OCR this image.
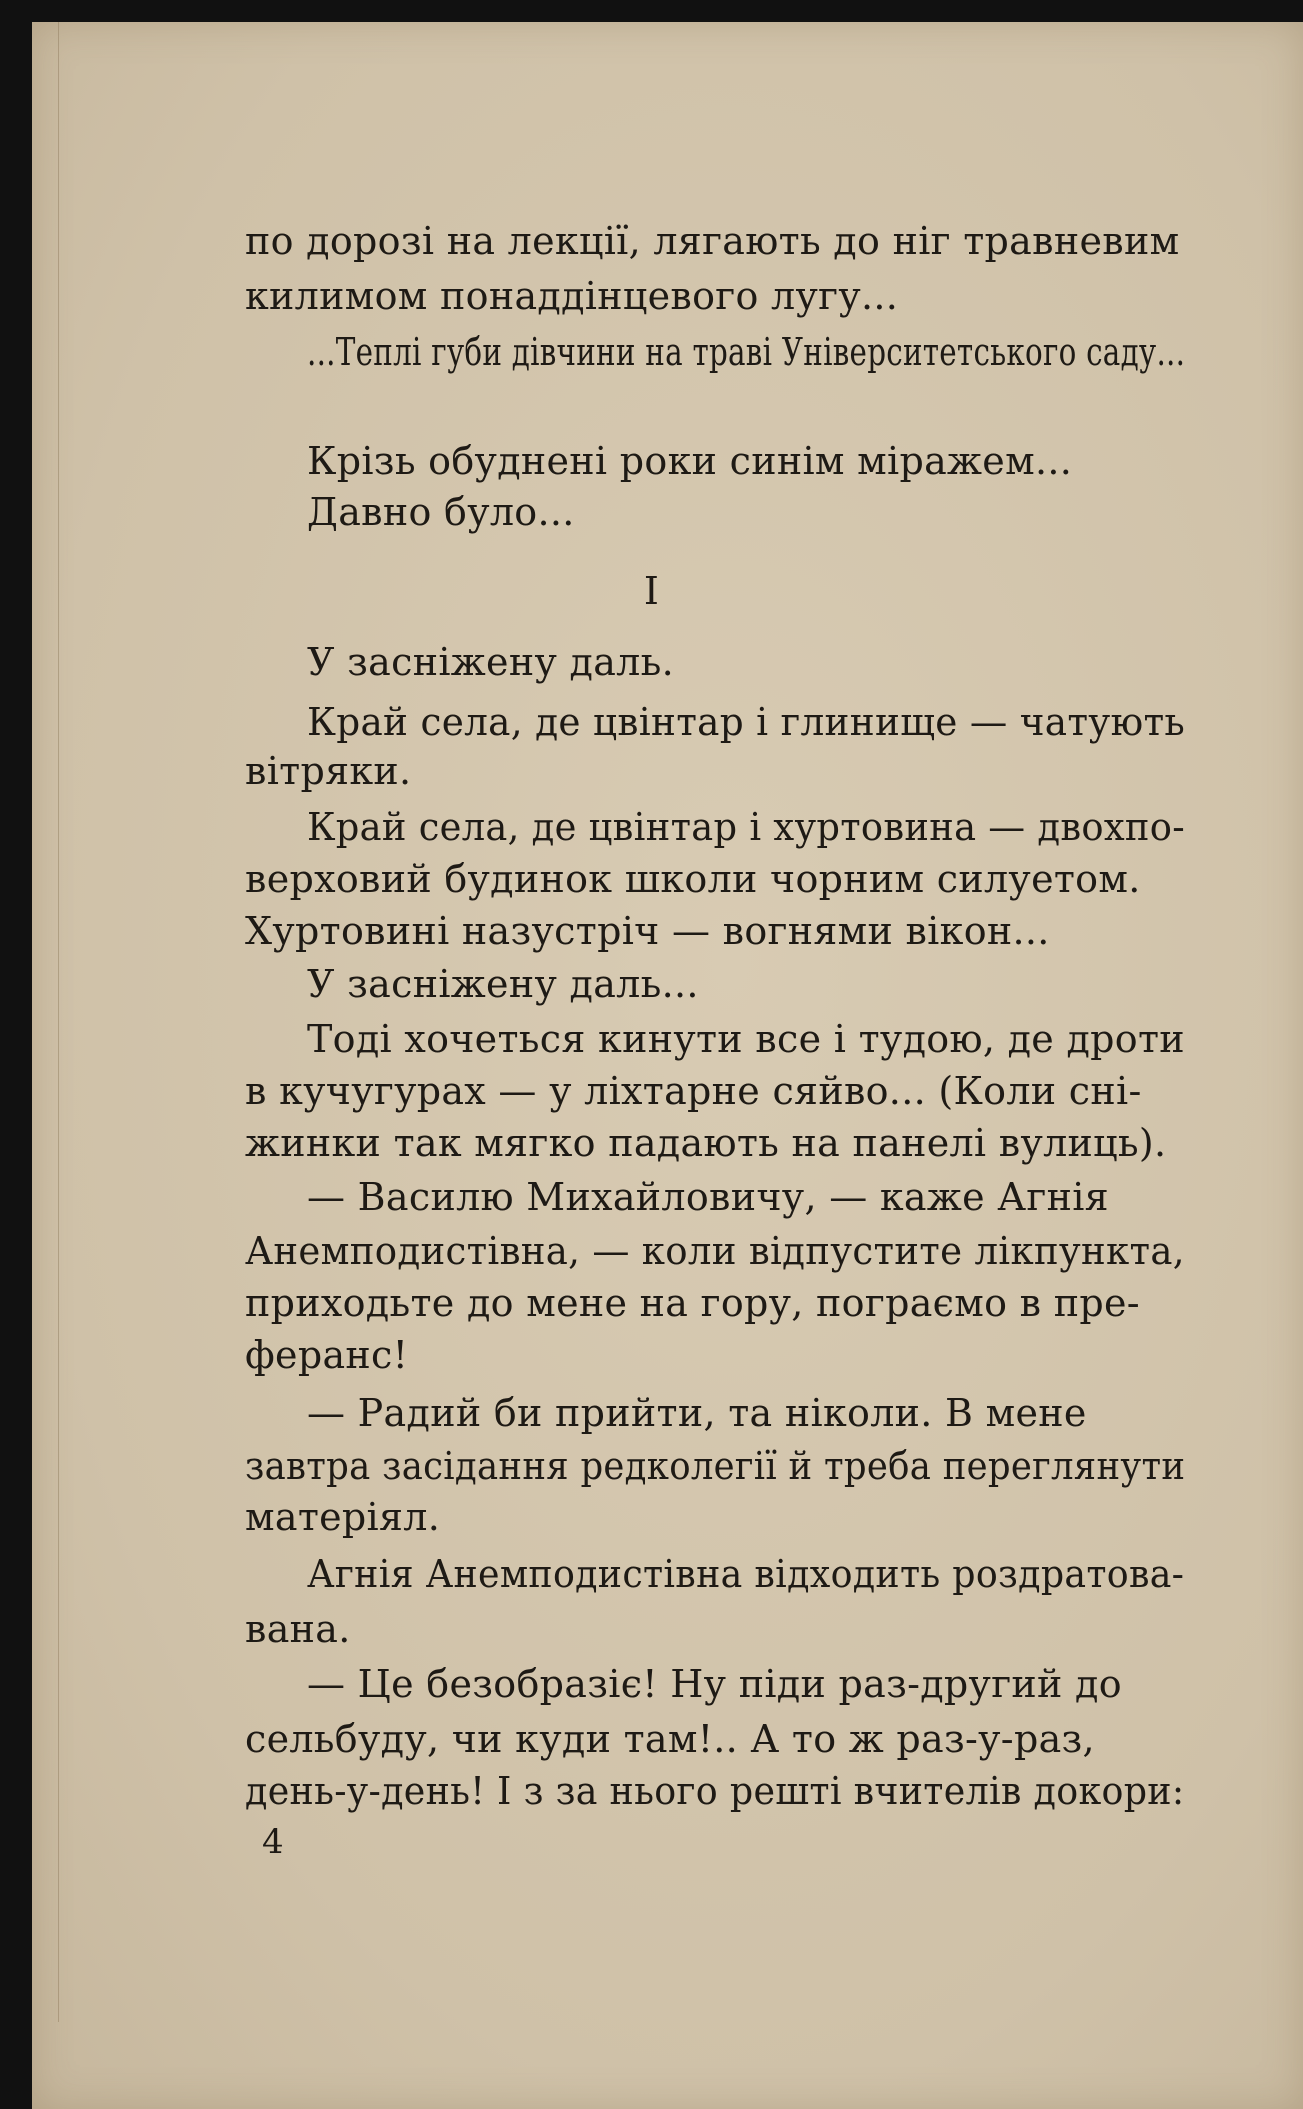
по дорозі на лекції, лягають до ніг травневим
килимом понаддінцевого лугу...
...Теплі губи дівчини на траві Університетського саду...
Крізь обуднені роки синім міражем...
Давно було...
I
У засніжену даль.
Край села, де цвінтар і глинище — чатують
вітряки.
Край села, де цвінтар і хуртовина — двохпо-
верховий будинок школи чорним силуетом.
Хуртовині назустріч — вогнями вікон...
У засніжену даль...
Тоді хочеться кинути все і тудою, де дроти
в кучугурах — у ліхтарне сяйво... (Коли сні-
жинки так мягко падають на панелі вулиць).
— Василю Михайловичу, — каже Агнія
Анемподистівна, — коли відпустите лікпункта,
приходьте до мене на гору, пограємо в пре-
феранс!
— Радий би прийти, та ніколи. В мене
завтра засідання редколегії й треба переглянути
матеріял.
Агнія Анемподистівна відходить роздратова-
вана.
— Це безобразіє! Ну піди раз-другий до
сельбуду, чи куди там!.. А то ж раз-у-раз,
день-у-день! І з за нього решті вчителів докори:
4
